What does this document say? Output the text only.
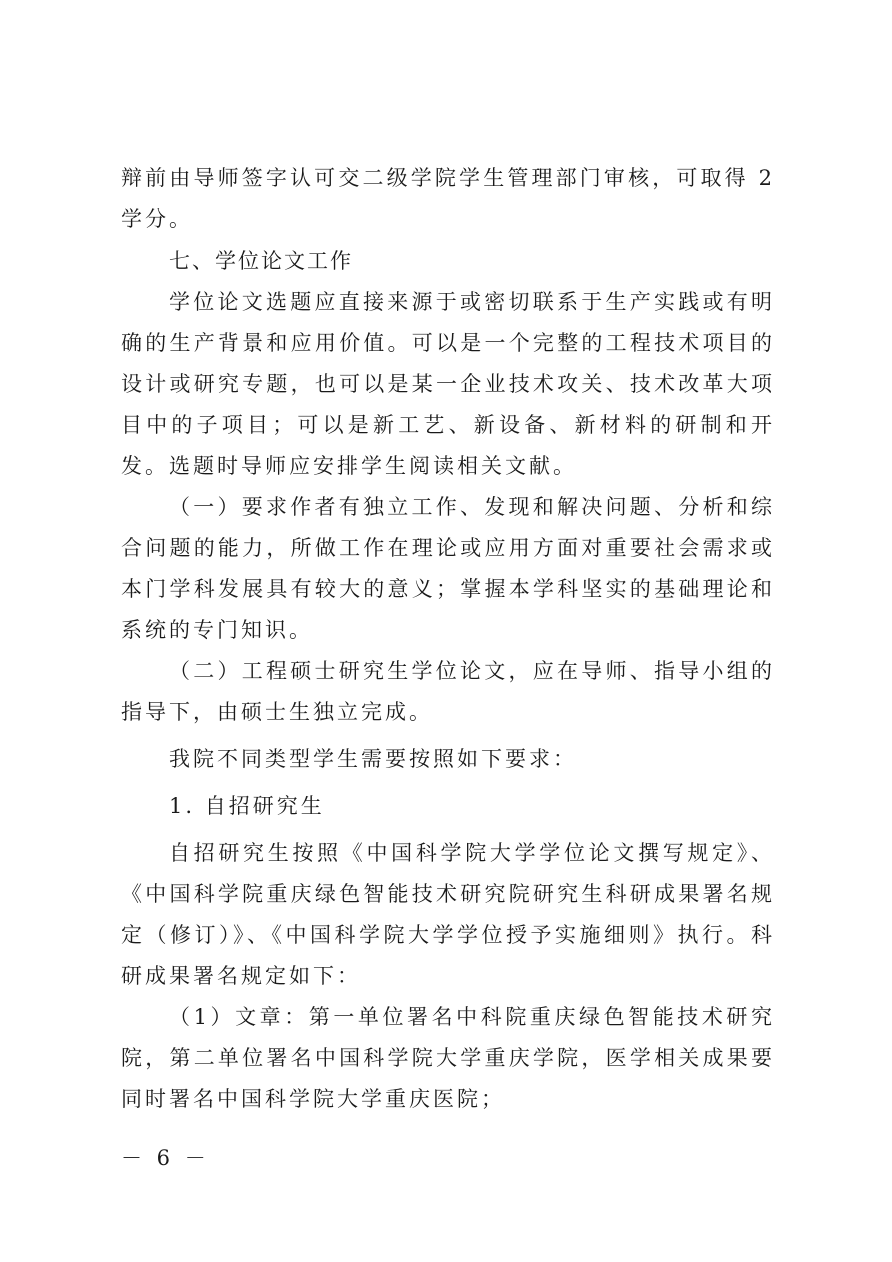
辩前由导师签字认可交二级学院学生管理部门审核，可取得 2 学分。

七、学位论文工作

学位论文选题应直接来源于或密切联系于生产实践或有明确的生产背景和应用价值。可以是一个完整的工程技术项目的设计或研究专题，也可以是某一企业技术攻关、技术改革大项目中的子项目；可以是新工艺、新设备、新材料的研制和开发。选题时导师应安排学生阅读相关文献。

（一）要求作者有独立工作、发现和解决问题、分析和综合问题的能力，所做工作在理论或应用方面对重要社会需求或本门学科发展具有较大的意义；掌握本学科坚实的基础理论和系统的专门知识。

（二）工程硕士研究生学位论文，应在导师、指导小组的指导下，由硕士生独立完成。

我院不同类型学生需要按照如下要求：

1. 自招研究生

自招研究生按照《中国科学院大学学位论文撰写规定》、《中国科学院重庆绿色智能技术研究院研究生科研成果署名规定（修订）》、《中国科学院大学学位授予实施细则》执行。科研成果署名规定如下：

（1）文章：第一单位署名中科院重庆绿色智能技术研究院，第二单位署名中国科学院大学重庆学院，医学相关成果要同时署名中国科学院大学重庆医院；

－ 6 －
